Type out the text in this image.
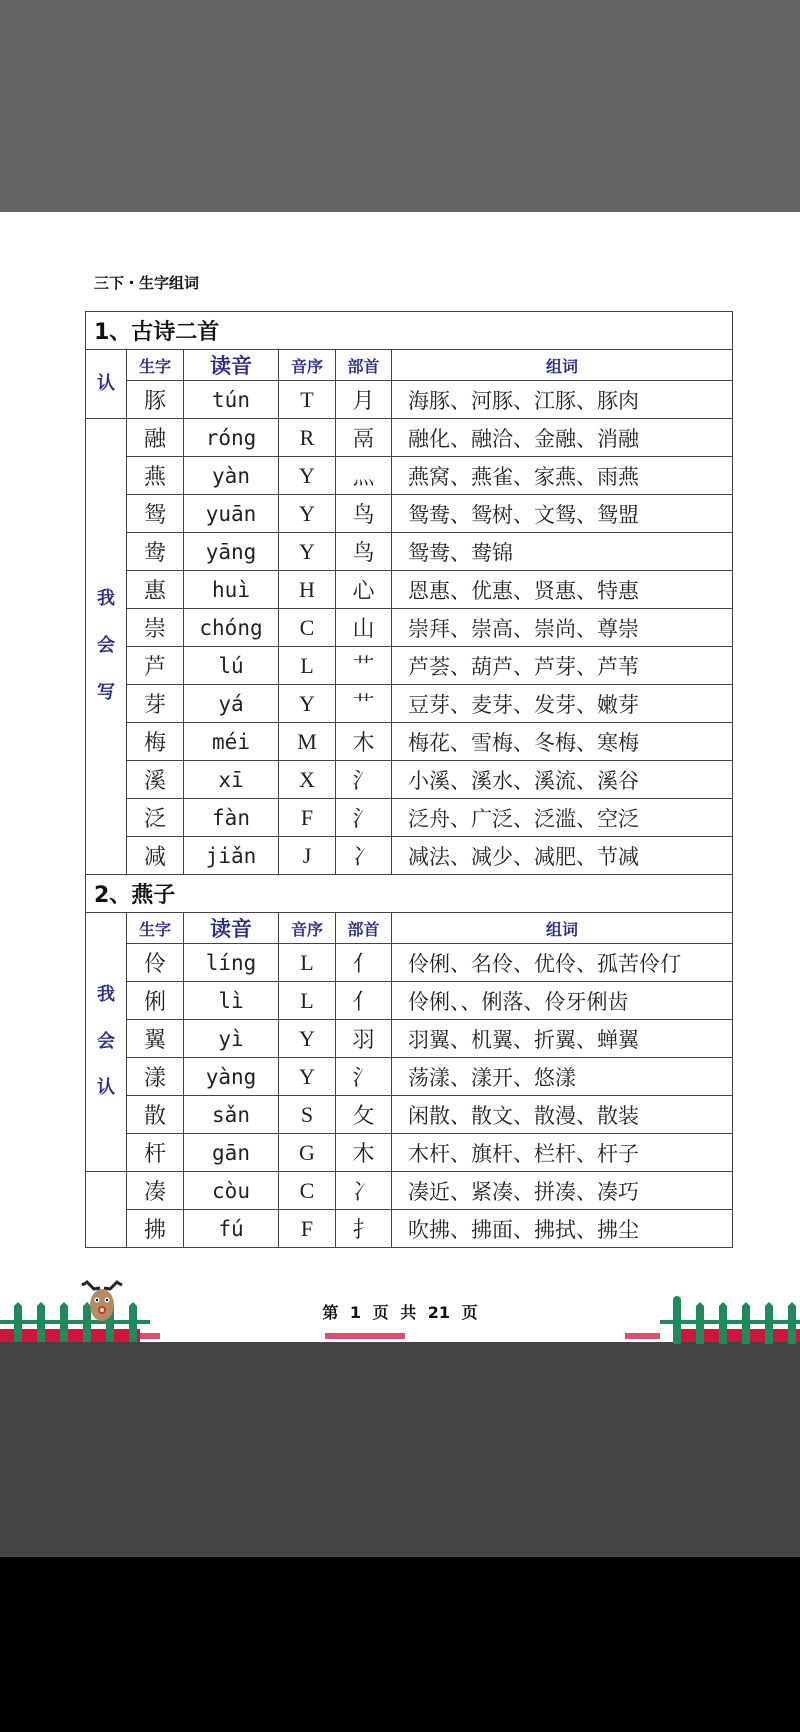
三下・生字组词
1、古诗二首					

认	生字	读音	音序	部首	组词
	豚	tún	T	月	海豚、河豚、江豚、豚肉

我
会
写	融	róng	R	鬲	融化、融洽、金融、消融
	燕	yàn	Y	灬	燕窝、燕雀、家燕、雨燕
	鸳	yuān	Y	鸟	鸳鸯、鸳树、文鸳、鸳盟
	鸯	yāng	Y	鸟	鸳鸯、鸯锦
	惠	huì	H	心	恩惠、优惠、贤惠、特惠
	崇	chóng	C	山	崇拜、崇高、崇尚、尊崇
	芦	lú	L	艹	芦荟、葫芦、芦芽、芦苇
	芽	yá	Y	艹	豆芽、麦芽、发芽、嫩芽
	梅	méi	M	木	梅花、雪梅、冬梅、寒梅
	溪	xī	X	氵	小溪、溪水、溪流、溪谷
	泛	fàn	F	氵	泛舟、广泛、泛滥、空泛
	减	jiǎn	J	冫	减法、减少、减肥、节减
2、燕子					

我
会
认	生字	读音	音序	部首	组词
	伶	líng	L	亻	伶俐、名伶、优伶、孤苦伶仃
	俐	lì	L	亻	伶俐、、俐落、伶牙俐齿
	翼	yì	Y	羽	羽翼、机翼、折翼、蝉翼
	漾	yàng	Y	氵	荡漾、漾开、悠漾
	散	sǎn	S	攵	闲散、散文、散漫、散装
	杆	gān	G	木	木杆、旗杆、栏杆、杆子
	凑	còu	C	冫	凑近、紧凑、拼凑、凑巧
	拂	fú	F	扌	吹拂、拂面、拂拭、拂尘
第 1 页 共 21 页
